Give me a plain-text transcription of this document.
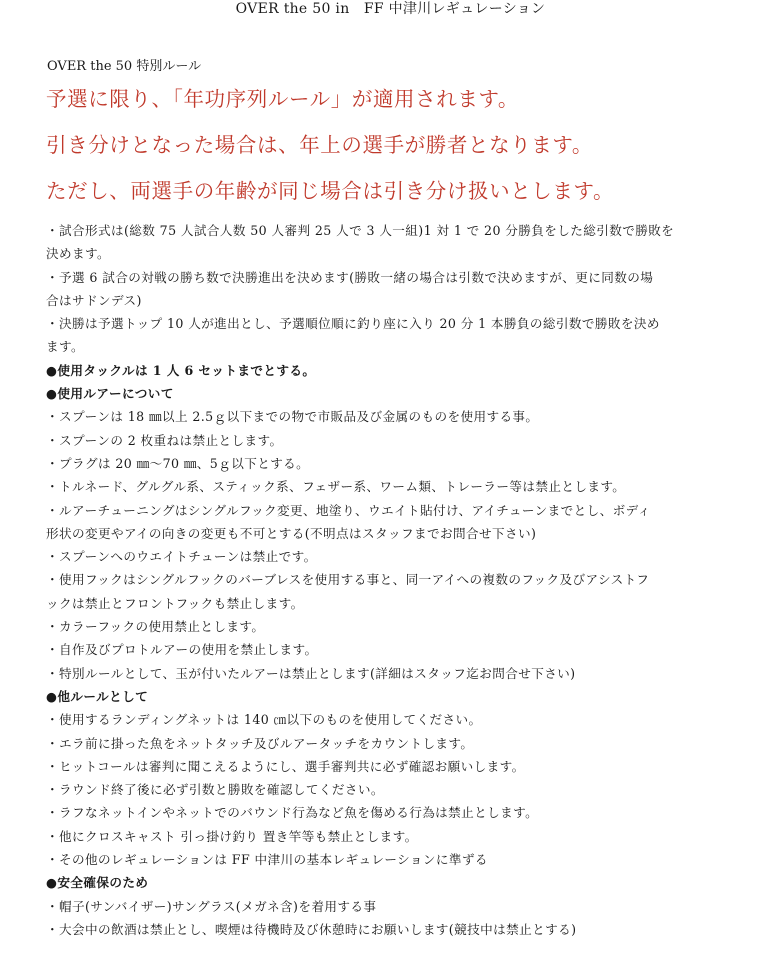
OVER the 50 in　FF 中津川レギュレーション
OVER the 50 特別ルール
予選に限り、「年功序列ルール」が適用されます。
引き分けとなった場合は、年上の選手が勝者となります。
ただし、両選手の年齢が同じ場合は引き分け扱いとします。
・試合形式は(総数 75 人試合人数 50 人審判 25 人で 3 人一組)1 対 1 で 20 分勝負をした総引数で勝敗を
決めます。
・予選 6 試合の対戦の勝ち数で決勝進出を決めます(勝敗一緒の場合は引数で決めますが、更に同数の場
合はサドンデス)
・決勝は予選トップ 10 人が進出とし、予選順位順に釣り座に入り 20 分 1 本勝負の総引数で勝敗を決め
ます。
●使用タックルは 1 人 6 セットまでとする。
●使用ルアーについて
・スプーンは 18 ㎜以上 2.5ｇ以下までの物で市販品及び金属のものを使用する事。
・スプーンの 2 枚重ねは禁止とします。
・プラグは 20 ㎜〜70 ㎜、5ｇ以下とする。
・トルネード、グルグル系、スティック系、フェザー系、ワーム類、トレーラー等は禁止とします。
・ルアーチューニングはシングルフック変更、地塗り、ウエイト貼付け、アイチューンまでとし、ボディ
形状の変更やアイの向きの変更も不可とする(不明点はスタッフまでお問合せ下さい)
・スプーンへのウエイトチューンは禁止です。
・使用フックはシングルフックのバーブレスを使用する事と、同一アイへの複数のフック及びアシストフ
ックは禁止とフロントフックも禁止します。
・カラーフックの使用禁止とします。
・自作及びプロトルアーの使用を禁止します。
・特別ルールとして、玉が付いたルアーは禁止とします(詳細はスタッフ迄お問合せ下さい)
●他ルールとして
・使用するランディングネットは 140 ㎝以下のものを使用してください。
・エラ前に掛った魚をネットタッチ及びルアータッチをカウントします。
・ヒットコールは審判に聞こえるようにし、選手審判共に必ず確認お願いします。
・ラウンド終了後に必ず引数と勝敗を確認してください。
・ラフなネットインやネットでのバウンド行為など魚を傷める行為は禁止とします。
・他にクロスキャスト 引っ掛け釣り 置き竿等も禁止とします。
・その他のレギュレーションは FF 中津川の基本レギュレーションに準ずる
●安全確保のため
・帽子(サンバイザー)サングラス(メガネ含)を着用する事
・大会中の飲酒は禁止とし、喫煙は待機時及び休憩時にお願いします(競技中は禁止とする)
